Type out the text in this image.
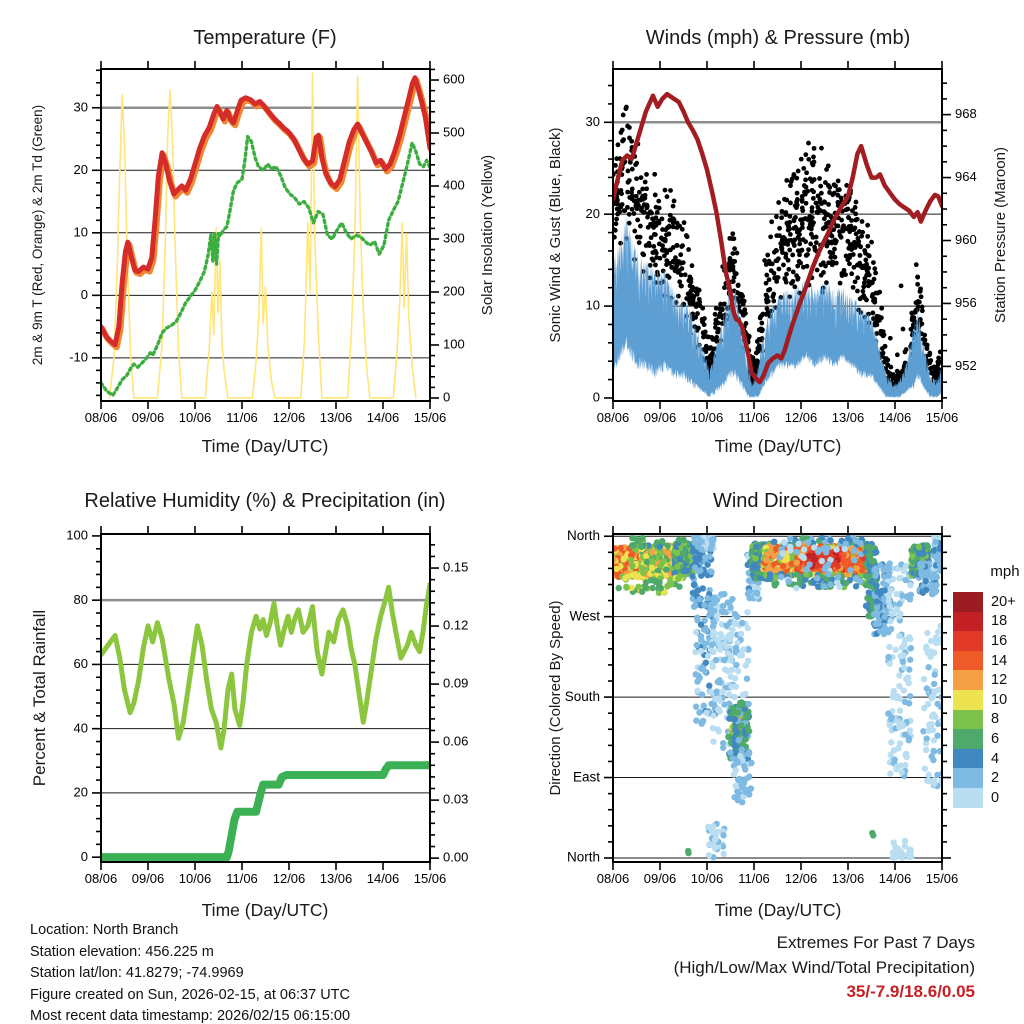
Temperature (F)	Winds (mph) & Pressure (mb)
Relative Humidity (%) & Precipitation (in)	Wind Direction
Time (Day/UTC)	Time (Day/UTC)
Time (Day/UTC)	Time (Day/UTC)
2m & 9m T (Red, Orange) & 2m Td (Green)	Solar Insolation (Yellow)	Sonic Wind & Gust (Blue, Black)	Station Pressure (Maroon)
Percent & Total Rainfall	Direction (Colored By Speed)	20+
18
16
14
12
10
8
6
4
2
0
mph
Location: North Branch
Station elevation: 456.225 m
Station lat/lon: 41.8279; -74.9969
Figure created on Sun, 2026-02-15, at 06:37 UTC
Most recent data timestamp: 2026/02/15 06:15:00
Extremes For Past 7 Days
(High/Low/Max Wind/Total Precipitation)
35/-7.9/18.6/0.05
